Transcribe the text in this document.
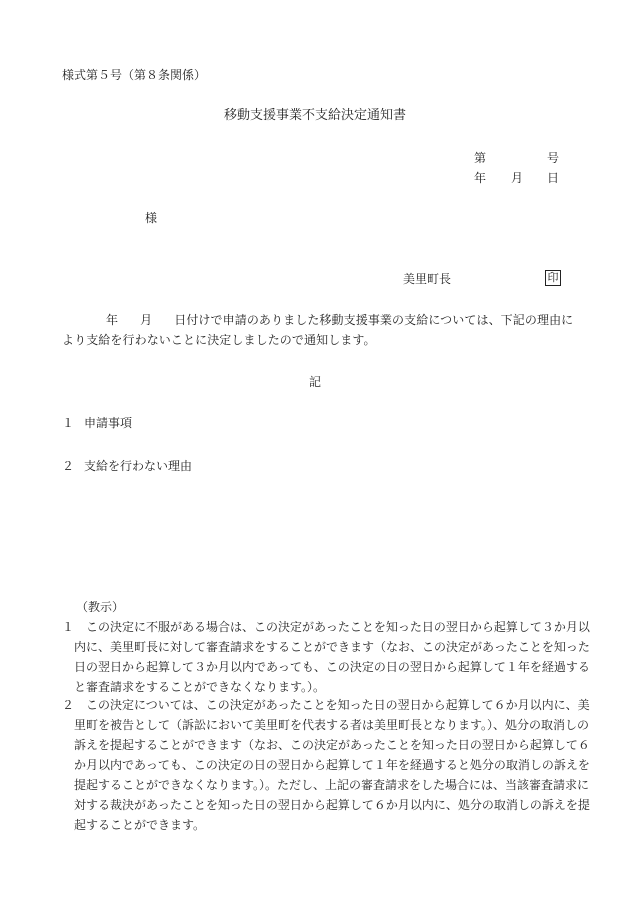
様式第５号（第８条関係）
移動支援事業不支給決定通知書
第	号
年 月 日
様
美里町長	印

年 月 日付けで申請のありました移動支援事業の支給については、下記の理由により支給を行わないことに決定しましたので通知します。

記
１ 申請事項
２ 支給を行わない理由
（教示）

１ この決定に不服がある場合は、この決定があったことを知った日の翌日から起算して３か月以内に、美里町長に対して審査請求をすることができます（なお、この決定があったことを知った日の翌日から起算して３か月以内であっても、この決定の日の翌日から起算して１年を経過すると審査請求をすることができなくなります。）。

２ この決定については、この決定があったことを知った日の翌日から起算して６か月以内に、美里町を被告として（訴訟において美里町を代表する者は美里町長となります。）、処分の取消しの訴えを提起することができます（なお、この決定があったことを知った日の翌日から起算して６か月以内であっても、この決定の日の翌日から起算して１年を経過すると処分の取消しの訴えを提起することができなくなります。）。ただし、上記の審査請求をした場合には、当該審査請求に対する裁決があったことを知った日の翌日から起算して６か月以内に、処分の取消しの訴えを提起することができます。
